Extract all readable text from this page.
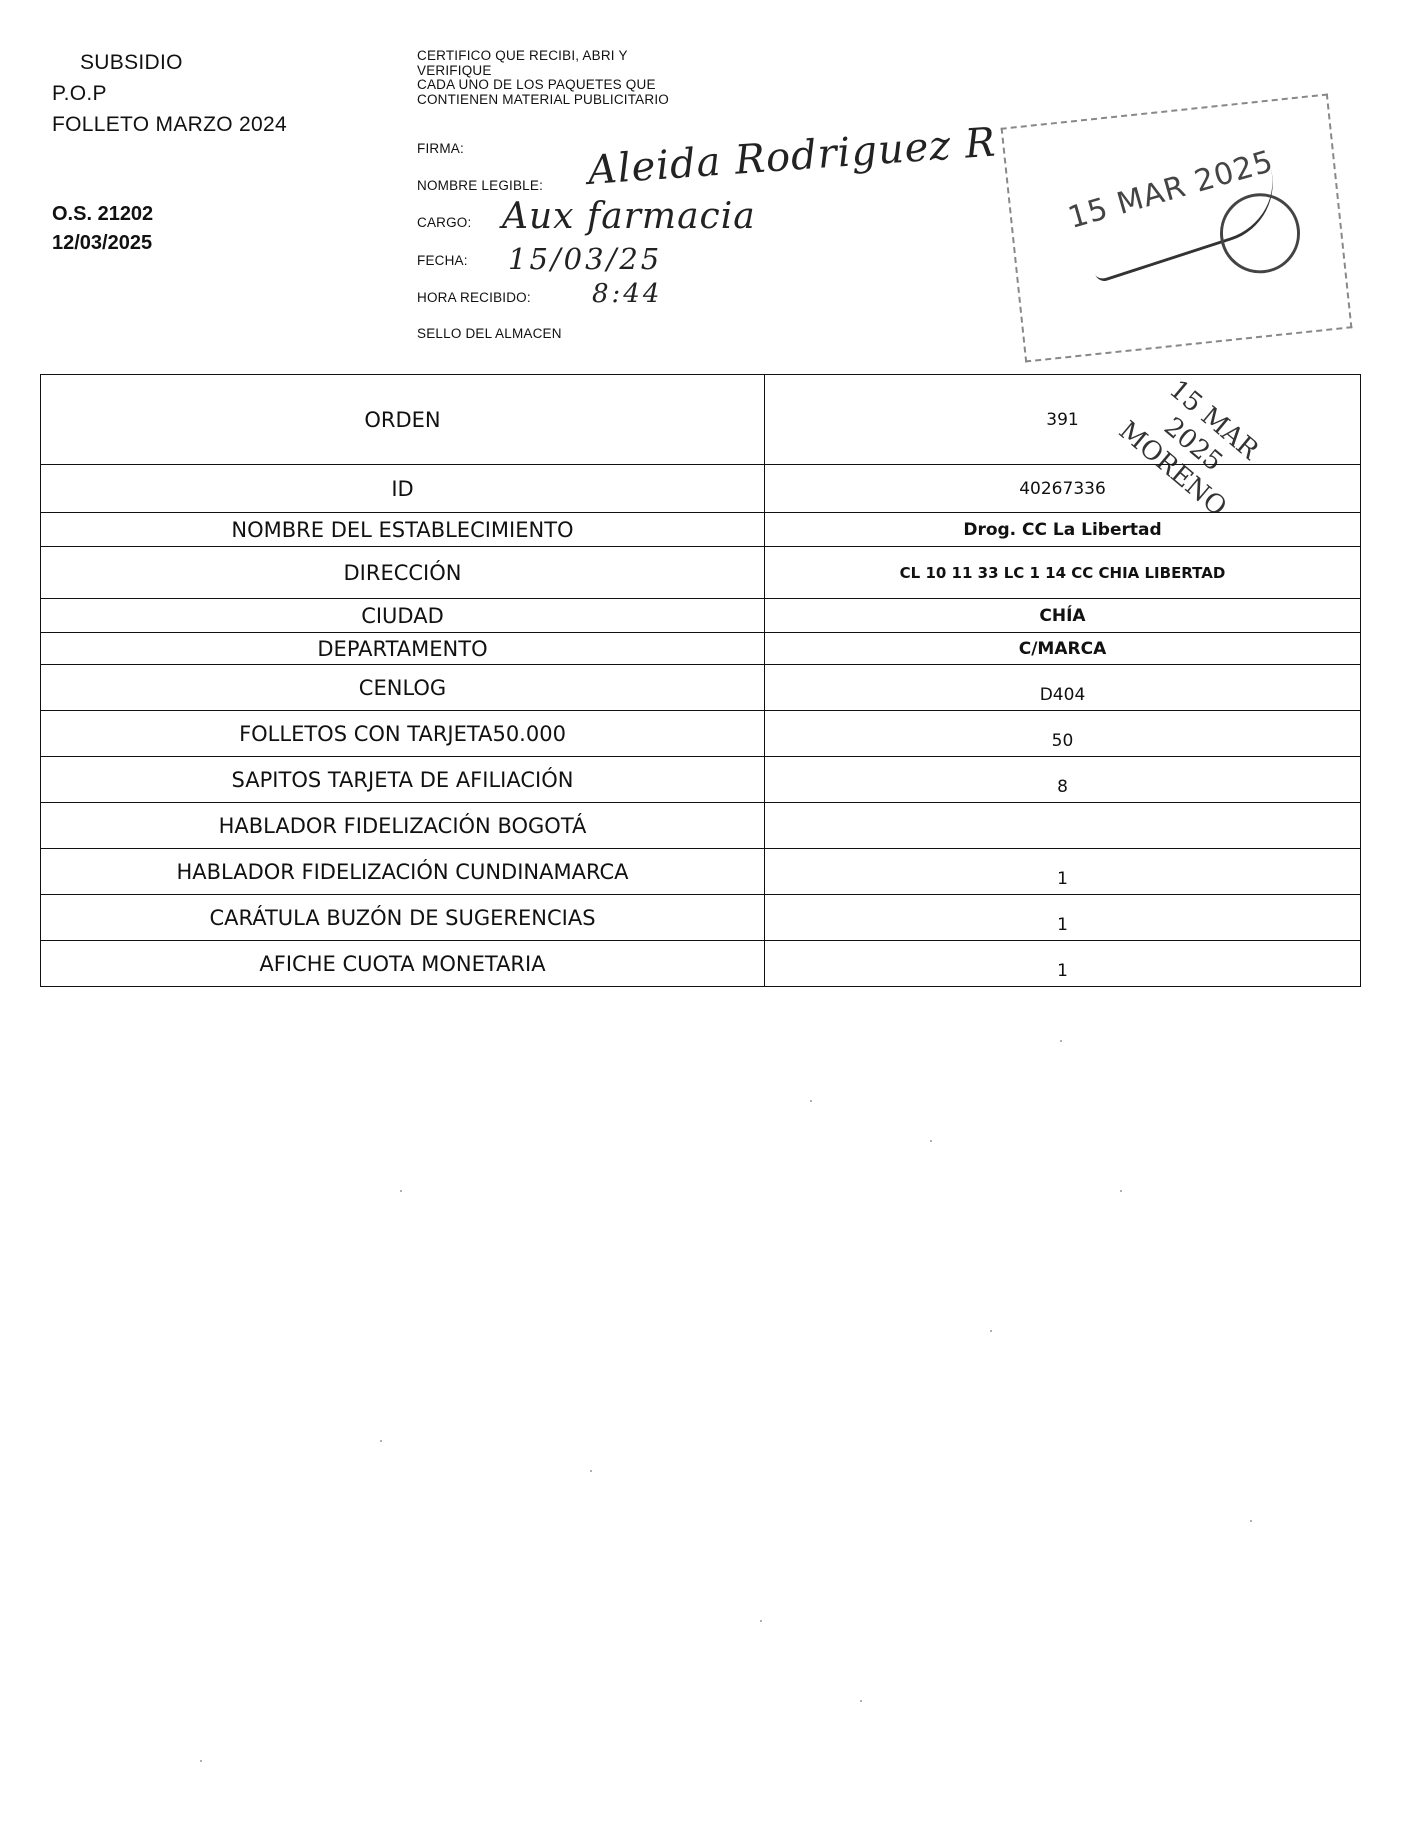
SUBSIDIO
P.O.P
FOLLETO MARZO 2024
O.S. 21202
12/03/2025
CERTIFICO QUE RECIBI, ABRI Y
VERIFIQUE
CADA UNO DE LOS PAQUETES QUE
CONTIENEN MATERIAL PUBLICITARIO
FIRMA:
NOMBRE LEGIBLE: Aleida Rodriguez R
CARGO: Aux farmacia
FECHA: 15/03/25
HORA RECIBIDO: 8:44
SELLO DEL ALMACEN
15 MAR 2025
15 MAR 2025 MORENO
ORDEN	391
ID	40267336
NOMBRE DEL ESTABLECIMIENTO	Drog. CC La Libertad
DIRECCIÓN	CL 10 11 33 LC 1 14 CC CHIA LIBERTAD
CIUDAD	CHÍA
DEPARTAMENTO	C/MARCA
CENLOG	D404
FOLLETOS CON TARJETA50.000	50
SAPITOS TARJETA DE AFILIACIÓN	8
HABLADOR FIDELIZACIÓN BOGOTÁ	
HABLADOR FIDELIZACIÓN CUNDINAMARCA	1
CARÁTULA BUZÓN DE SUGERENCIAS	1
AFICHE CUOTA MONETARIA	1
